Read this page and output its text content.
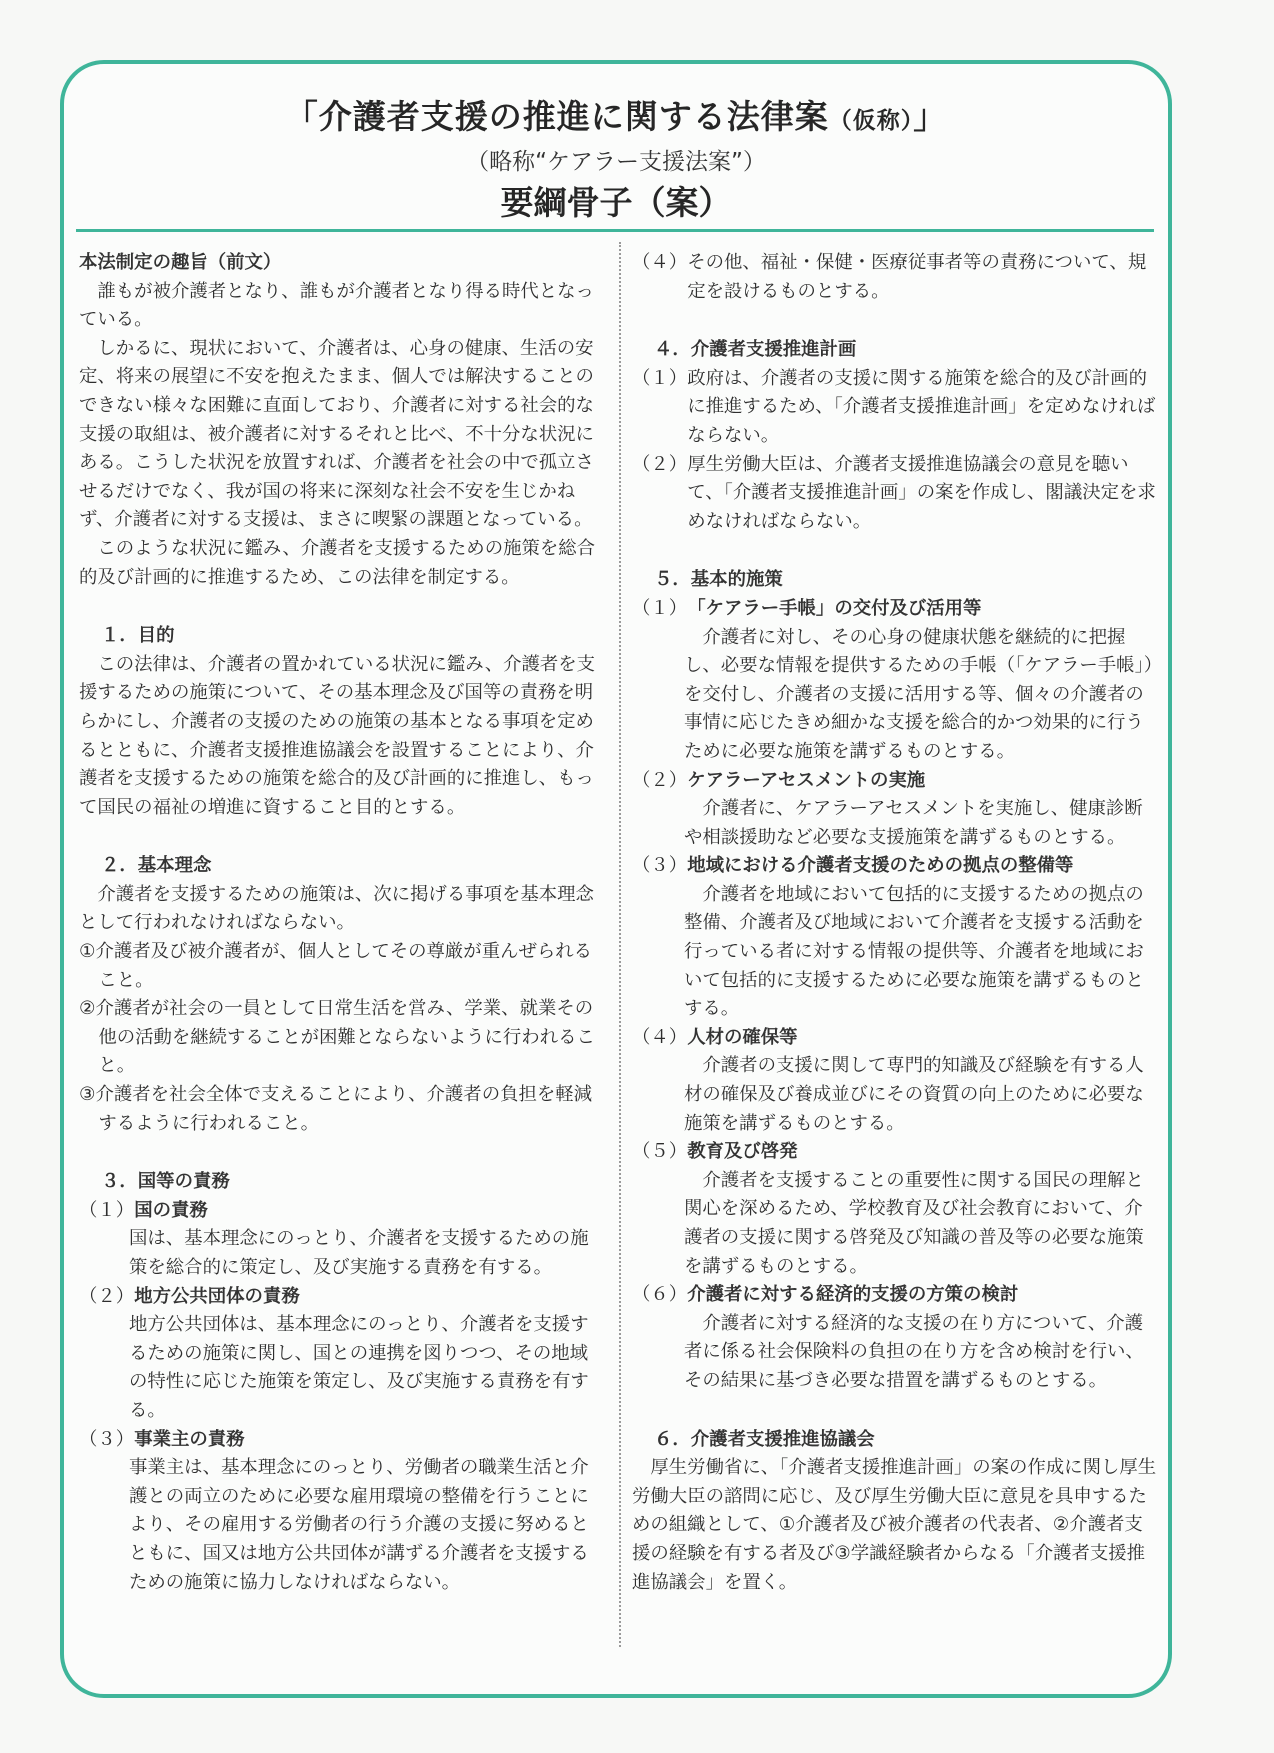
「介護者支援の推進に関する法律案（仮称）」
（略称“ケアラー支援法案”）
要綱骨子（案）
本法制定の趣旨（前文）
誰もが被介護者となり、誰もが介護者となり得る時代となっている。
しかるに、現状において、介護者は、心身の健康、生活の安定、将来の展望に不安を抱えたまま、個人では解決することのできない様々な困難に直面しており、介護者に対する社会的な支援の取組は、被介護者に対するそれと比べ、不十分な状況にある。こうした状況を放置すれば、介護者を社会の中で孤立させるだけでなく、我が国の将来に深刻な社会不安を生じかねず、介護者に対する支援は、まさに喫緊の課題となっている。
このような状況に鑑み、介護者を支援するための施策を総合的及び計画的に推進するため、この法律を制定する。
１．目的
この法律は、介護者の置かれている状況に鑑み、介護者を支援するための施策について、その基本理念及び国等の責務を明らかにし、介護者の支援のための施策の基本となる事項を定めるとともに、介護者支援推進協議会を設置することにより、介護者を支援するための施策を総合的及び計画的に推進し、もって国民の福祉の増進に資すること目的とする。
２．基本理念
介護者を支援するための施策は、次に掲げる事項を基本理念として行われなければならない。
①介護者及び被介護者が、個人としてその尊厳が重んぜられること。
②介護者が社会の一員として日常生活を営み、学業、就業その他の活動を継続することが困難とならないように行われること。
③介護者を社会全体で支えることにより、介護者の負担を軽減するように行われること。
３．国等の責務
（１） 国の責務
国は、基本理念にのっとり、介護者を支援するための施策を総合的に策定し、及び実施する責務を有する。
（２） 地方公共団体の責務
地方公共団体は、基本理念にのっとり、介護者を支援するための施策に関し、国との連携を図りつつ、その地域の特性に応じた施策を策定し、及び実施する責務を有する。
（３） 事業主の責務
事業主は、基本理念にのっとり、労働者の職業生活と介護との両立のために必要な雇用環境の整備を行うことにより、その雇用する労働者の行う介護の支援に努めるとともに、国又は地方公共団体が講ずる介護者を支援するための施策に協力しなければならない。
（４） その他、福祉・保健・医療従事者等の責務について、規定を設けるものとする。
４．介護者支援推進計画
（１） 政府は、介護者の支援に関する施策を総合的及び計画的に推進するため、「介護者支援推進計画」を定めなければならない。
（２） 厚生労働大臣は、介護者支援推進協議会の意見を聴いて、「介護者支援推進計画」の案を作成し、閣議決定を求めなければならない。
５．基本的施策
（１） 「ケアラー手帳」の交付及び活用等
介護者に対し、その心身の健康状態を継続的に把握し、必要な情報を提供するための手帳（「ケアラー手帳」）を交付し、介護者の支援に活用する等、個々の介護者の事情に応じたきめ細かな支援を総合的かつ効果的に行うために必要な施策を講ずるものとする。
（２） ケアラーアセスメントの実施
介護者に、ケアラーアセスメントを実施し、健康診断や相談援助など必要な支援施策を講ずるものとする。
（３） 地域における介護者支援のための拠点の整備等
介護者を地域において包括的に支援するための拠点の整備、介護者及び地域において介護者を支援する活動を行っている者に対する情報の提供等、介護者を地域において包括的に支援するために必要な施策を講ずるものとする。
（４） 人材の確保等
介護者の支援に関して専門的知識及び経験を有する人材の確保及び養成並びにその資質の向上のために必要な施策を講ずるものとする。
（５） 教育及び啓発
介護者を支援することの重要性に関する国民の理解と関心を深めるため、学校教育及び社会教育において、介護者の支援に関する啓発及び知識の普及等の必要な施策を講ずるものとする。
（６） 介護者に対する経済的支援の方策の検討
介護者に対する経済的な支援の在り方について、介護者に係る社会保険料の負担の在り方を含め検討を行い、その結果に基づき必要な措置を講ずるものとする。
６．介護者支援推進協議会
厚生労働省に、「介護者支援推進計画」の案の作成に関し厚生労働大臣の諮問に応じ、及び厚生労働大臣に意見を具申するための組織として、①介護者及び被介護者の代表者、②介護者支援の経験を有する者及び③学識経験者からなる「介護者支援推進協議会」を置く。
